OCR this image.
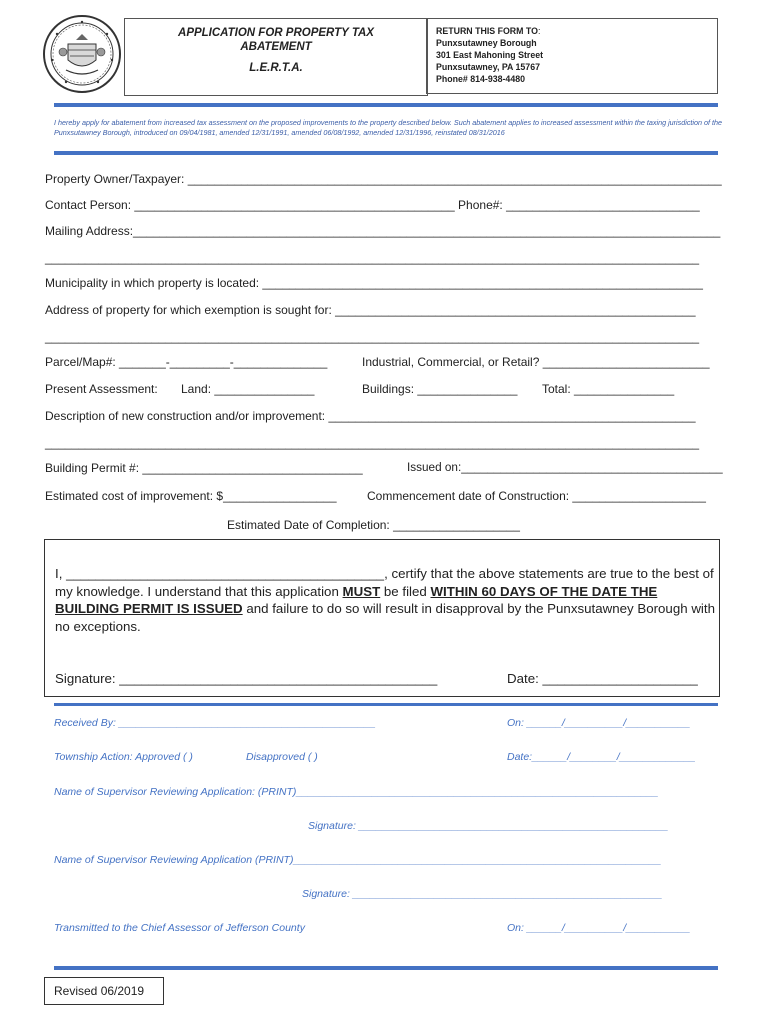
APPLICATION FOR PROPERTY TAX
ABATEMENT
L.E.R.T.A.
RETURN THIS FORM TO:
Punxsutawney Borough
301 East Mahoning Street
Punxsutawney, PA 15767
Phone# 814-938-4480
I hereby apply for abatement from increased tax assessment on the proposed improvements to the property described below. Such abatement applies to increased assessment within the taxing jurisdiction of the Punxsutawney Borough, introduced on 09/04/1981, amended 12/31/1991, amended 06/08/1992, amended 12/31/1996, reinstated 08/31/2016
Property Owner/Taxpayer: ________________________________________________________________________________
Contact Person: ________________________________________________ Phone#: _____________________________
Mailing Address:________________________________________________________________________________________
__________________________________________________________________________________________________
Municipality in which property is located: __________________________________________________________________
Address of property for which exemption is sought for: ______________________________________________________
__________________________________________________________________________________________________
Parcel/Map#: _______-_________-______________	Industrial, Commercial, or Retail? _________________________
Present Assessment: Land: _______________	Buildings: _______________ Total: _______________
Description of new construction and/or improvement: _______________________________________________________
__________________________________________________________________________________________________
Building Permit #: _________________________________	Issued on:________________________________________
Estimated cost of improvement: $_________________	Commencement date of Construction: ____________________
Estimated Date of Completion: ___________________
I, ___________________________________________, certify that the above statements are true to the best of my knowledge. I understand that this application MUST be filed WITHIN 60 DAYS OF THE DATE THE BUILDING PERMIT IS ISSUED and failure to do so will result in disapproval by the Punxsutawney Borough with no exceptions.
Signature: ___________________________________________	Date: _____________________
Received By: ____________________________________________	On: ______/__________/___________
Township Action: Approved ( )	Disapproved ( )	Date:______/________/_____________
Name of Supervisor Reviewing Application: (PRINT)______________________________________________________________
Signature: _____________________________________________________
Name of Supervisor Reviewing Application (PRINT)_______________________________________________________________
Signature: _____________________________________________________
Transmitted to the Chief Assessor of Jefferson County	On: ______/__________/___________
Revised 06/2019
